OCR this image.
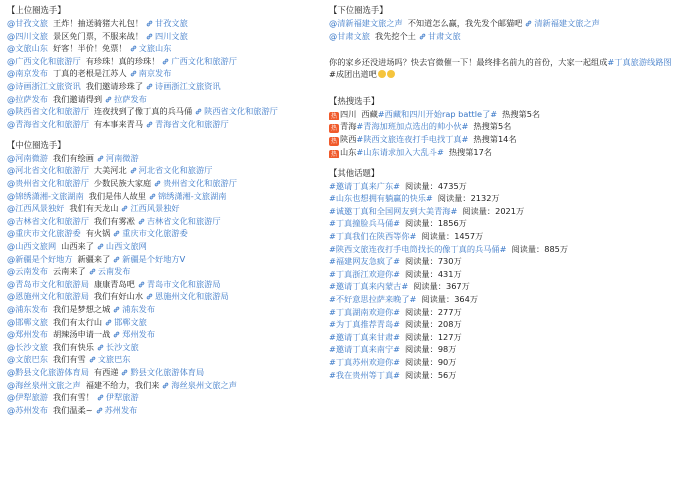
【上位圈选手】
@甘孜文旅 王炸！抽送骑猪大礼包！ 甘孜文旅
@四川文旅 景区免门票，不服来战！ 四川文旅
@文旅山东 好客！半价！免票！ 文旅山东
@广西文化和旅游厅 有珍珠！真的珍珠！ 广西文化和旅游厅
@南京发布 丁真的老根是江苏人 南京发布
@诗画浙江文旅资讯 我们邀请珍珠了 诗画浙江文旅资讯
@拉萨发布 我们邀请得到 拉萨发布
@陕西省文化和旅游厅 连夜找到了像丁真的兵马俑 陕西省文化和旅游厅
@青海省文化和旅游厅 有本事来青马 青海省文化和旅游厅
【中位圈选手】
@河南微游 我们有绘画 河南微游
@河北省文化和旅游厅 大美河北 河北省文化和旅游厅
@贵州省文化和旅游厅 少数民族大家庭 贵州省文化和旅游厅
@锦绣潇湘-文旅湖南 我们是伟人故里 锦绣潇湘-文旅湖南
@江西风景独好 我们有天龙山 江西风景独好
@吉林省文化和旅游厅 我们有雾凇 吉林省文化和旅游厅
@重庆市文化旅游委 有火锅 重庆市文化旅游委
@山西文旅网 山西来了 山西文旅网
@新疆是个好地方 新疆来了 新疆是个好地方V
@云南发布 云南来了 云南发布
@青岛市文化和旅游局 康康青岛吧 青岛市文化和旅游局
@恩施州文化和旅游局 我们有好山水 恩施州文化和旅游局
@浦东发布 我们是梦想之城 浦东发布
@邯郸文旅 我们有太行山 邯郸文旅
@郑州发布 胡辣汤申请一战 郑州发布
@长沙文旅 我们有快乐 长沙文旅
@文旅巴东 我们有雪 文旅巴东
@黔县文化旅游体育局 有西递 黔县文化旅游体育局
@海丝泉州文旅之声 福建不给力，我们来 海丝泉州文旅之声
@伊犁旅游 我们有雪！ 伊犁旅游
@苏州发布 我们温柔~ 苏州发布
【下位圈选手】
@清新福建文旅之声 不知道怎么赢，我先发个邮猫吧 清新福建文旅之声
@甘肃文旅 我先挖个土 甘肃文旅
你的家乡还没进场吗？快去官微催一下！最终排名前九的首份，大家一起组成#丁真旅游线路图#成团出道吧
【热搜选手】
热 四川 西藏#西藏和四川开始rap battle了# 热搜第5名
热 青海#青海加班加点选出的帅小伙# 热搜第5名
热 陕西#陕西文旅连夜打手电找丁真# 热搜第14名
热 山东#山东请求加入大乱斗# 热搜第17名
【其他话题】
#邀请丁真来广东# 阅读量：4735万
#山东也想拥有躺赢的快乐# 阅读量：2132万
#诚邀丁真和全国网友到大美青海# 阅读量：2021万
#丁真撞脸兵马俑# 阅读量：1856万
#丁真我们在陕西等你# 阅读量：1457万
#陕西文旅连夜打手电筒找长的像丁真的兵马俑# 阅读量：885万
#福建网友急疯了# 阅读量：730万
#丁真浙江欢迎你# 阅读量：431万
#邀请丁真来内蒙古# 阅读量：367万
#不好意思拉萨来晚了# 阅读量：364万
#丁真湖南欢迎你# 阅读量：277万
#为丁真推荐青岛# 阅读量：208万
#邀请丁真来甘肃# 阅读量：127万
#邀请丁真来南宁# 阅读量：98万
#丁真苏州欢迎你# 阅读量：90万
#我在贵州等丁真# 阅读量：56万
